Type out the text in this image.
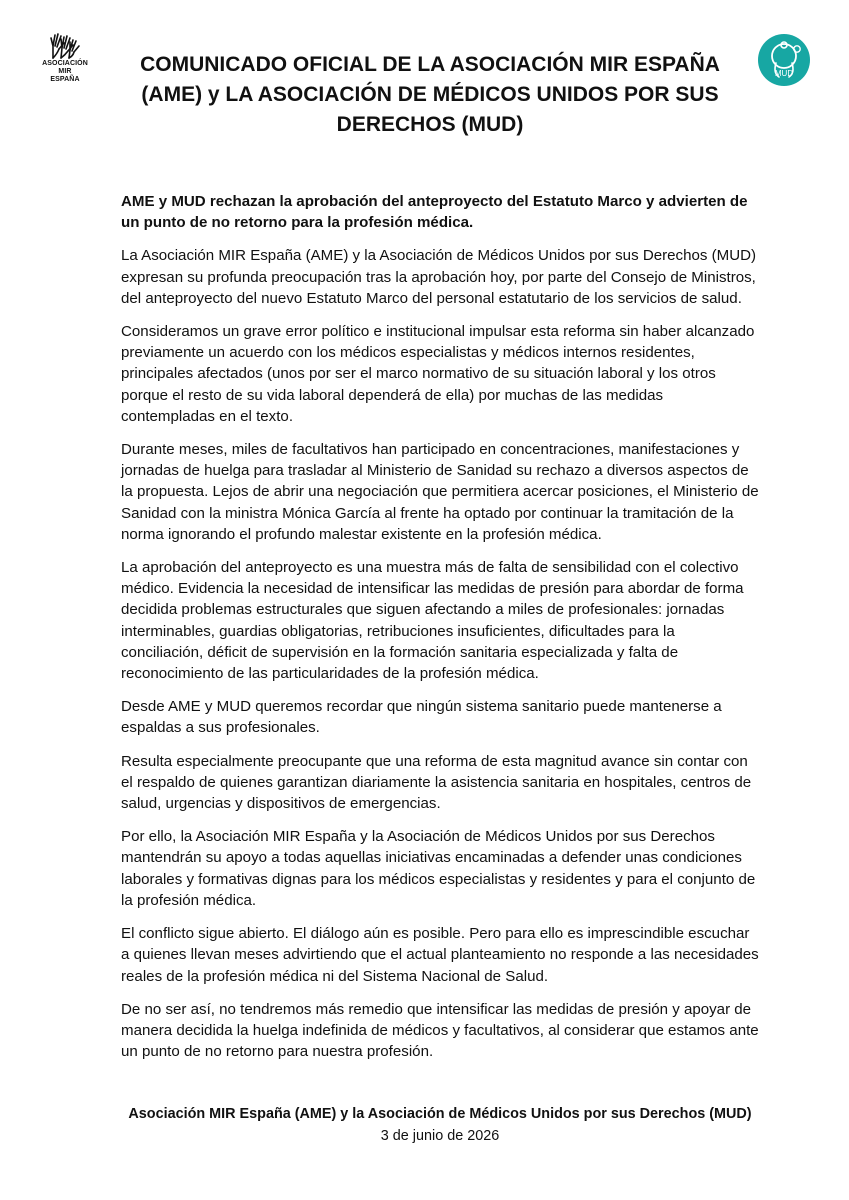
ASOCIACIÓN
MIR
ESPAÑA
MUD
COMUNICADO OFICIAL DE LA ASOCIACIÓN MIR ESPAÑA (AME) y LA ASOCIACIÓN DE MÉDICOS UNIDOS POR SUS DERECHOS (MUD)

AME y MUD rechazan la aprobación del anteproyecto del Estatuto Marco y advierten de un punto de no retorno para la profesión médica.

La Asociación MIR España (AME) y la Asociación de Médicos Unidos por sus Derechos (MUD) expresan su profunda preocupación tras la aprobación hoy, por parte del Consejo de Ministros, del anteproyecto del nuevo Estatuto Marco del personal estatutario de los servicios de salud.

Consideramos un grave error político e institucional impulsar esta reforma sin haber alcanzado previamente un acuerdo con los médicos especialistas y médicos internos residentes, principales afectados (unos por ser el marco normativo de su situación laboral y los otros porque el resto de su vida laboral dependerá de ella) por muchas de las medidas contempladas en el texto.

Durante meses, miles de facultativos han participado en concentraciones, manifestaciones y jornadas de huelga para trasladar al Ministerio de Sanidad su rechazo a diversos aspectos de la propuesta. Lejos de abrir una negociación que permitiera acercar posiciones, el Ministerio de Sanidad con la ministra Mónica García al frente ha optado por continuar la tramitación de la norma ignorando el profundo malestar existente en la profesión médica.

La aprobación del anteproyecto es una muestra más de falta de sensibilidad con el colectivo médico. Evidencia la necesidad de intensificar las medidas de presión para abordar de forma decidida problemas estructurales que siguen afectando a miles de profesionales: jornadas interminables, guardias obligatorias, retribuciones insuficientes, dificultades para la conciliación, déficit de supervisión en la formación sanitaria especializada y falta de reconocimiento de las particularidades de la profesión médica.

Desde AME y MUD queremos recordar que ningún sistema sanitario puede mantenerse a espaldas a sus profesionales.

Resulta especialmente preocupante que una reforma de esta magnitud avance sin contar con el respaldo de quienes garantizan diariamente la asistencia sanitaria en hospitales, centros de salud, urgencias y dispositivos de emergencias.

Por ello, la Asociación MIR España y la Asociación de Médicos Unidos por sus Derechos mantendrán su apoyo a todas aquellas iniciativas encaminadas a defender unas condiciones laborales y formativas dignas para los médicos especialistas y residentes y para el conjunto de la profesión médica.

El conflicto sigue abierto. El diálogo aún es posible. Pero para ello es imprescindible escuchar a quienes llevan meses advirtiendo que el actual planteamiento no responde a las necesidades reales de la profesión médica ni del Sistema Nacional de Salud.

De no ser así, no tendremos más remedio que intensificar las medidas de presión y apoyar de manera decidida la huelga indefinida de médicos y facultativos, al considerar que estamos ante un punto de no retorno para nuestra profesión.

Asociación MIR España (AME) y la Asociación de Médicos Unidos por sus Derechos (MUD)
3 de junio de 2026
